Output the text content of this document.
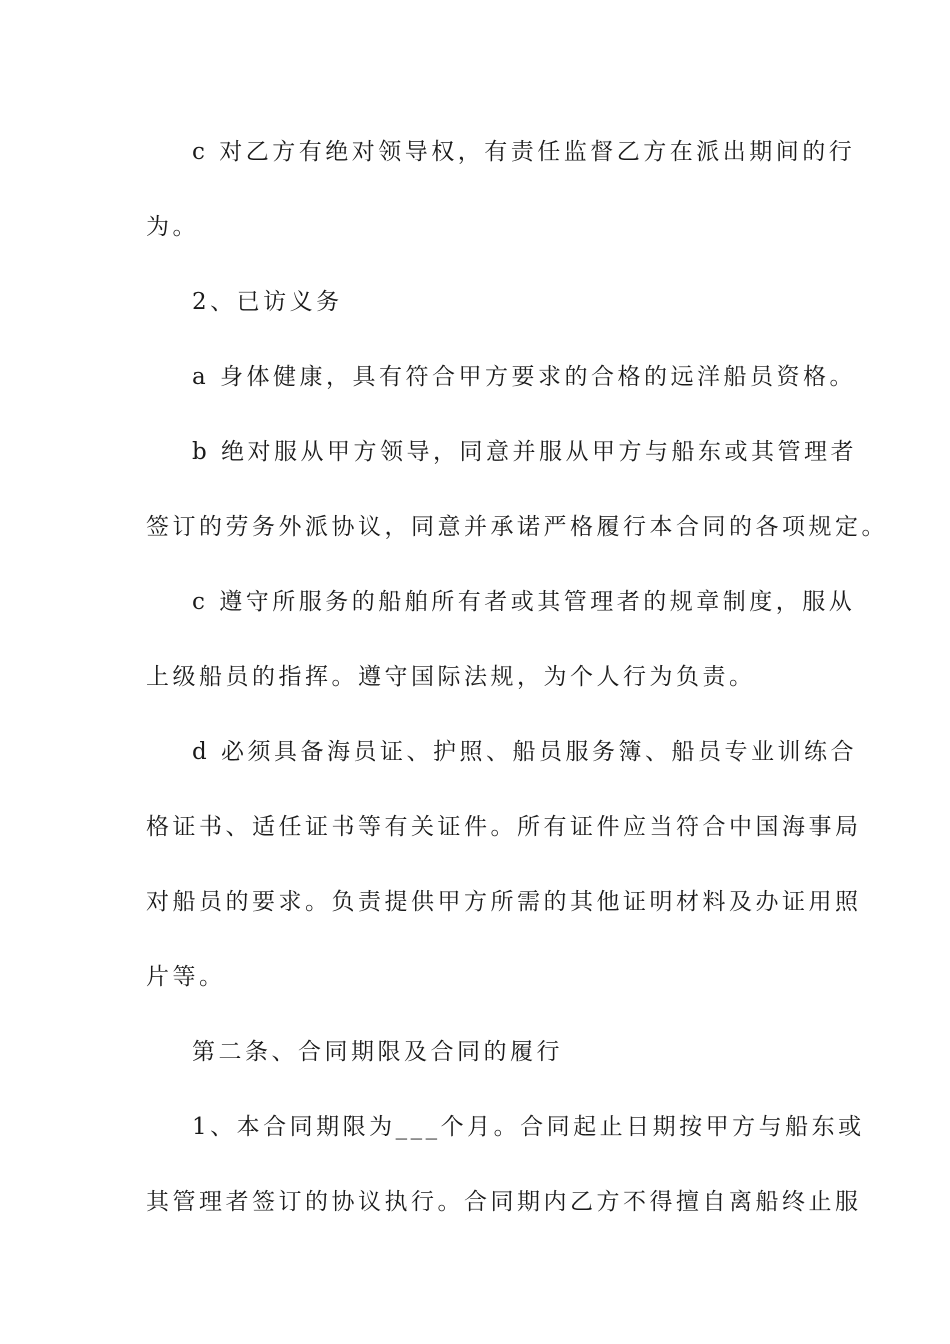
c 对乙方有绝对领导权，有责任监督乙方在派出期间的行
为。
2、已访义务
a 身体健康，具有符合甲方要求的合格的远洋船员资格。
b 绝对服从甲方领导，同意并服从甲方与船东或其管理者
签订的劳务外派协议，同意并承诺严格履行本合同的各项规定。
c 遵守所服务的船舶所有者或其管理者的规章制度，服从
上级船员的指挥。遵守国际法规，为个人行为负责。
d 必须具备海员证、护照、船员服务簿、船员专业训练合
格证书、适任证书等有关证件。所有证件应当符合中国海事局
对船员的要求。负责提供甲方所需的其他证明材料及办证用照
片等。
第二条、合同期限及合同的履行
1、本合同期限为___个月。合同起止日期按甲方与船东或
其管理者签订的协议执行。合同期内乙方不得擅自离船终止服
